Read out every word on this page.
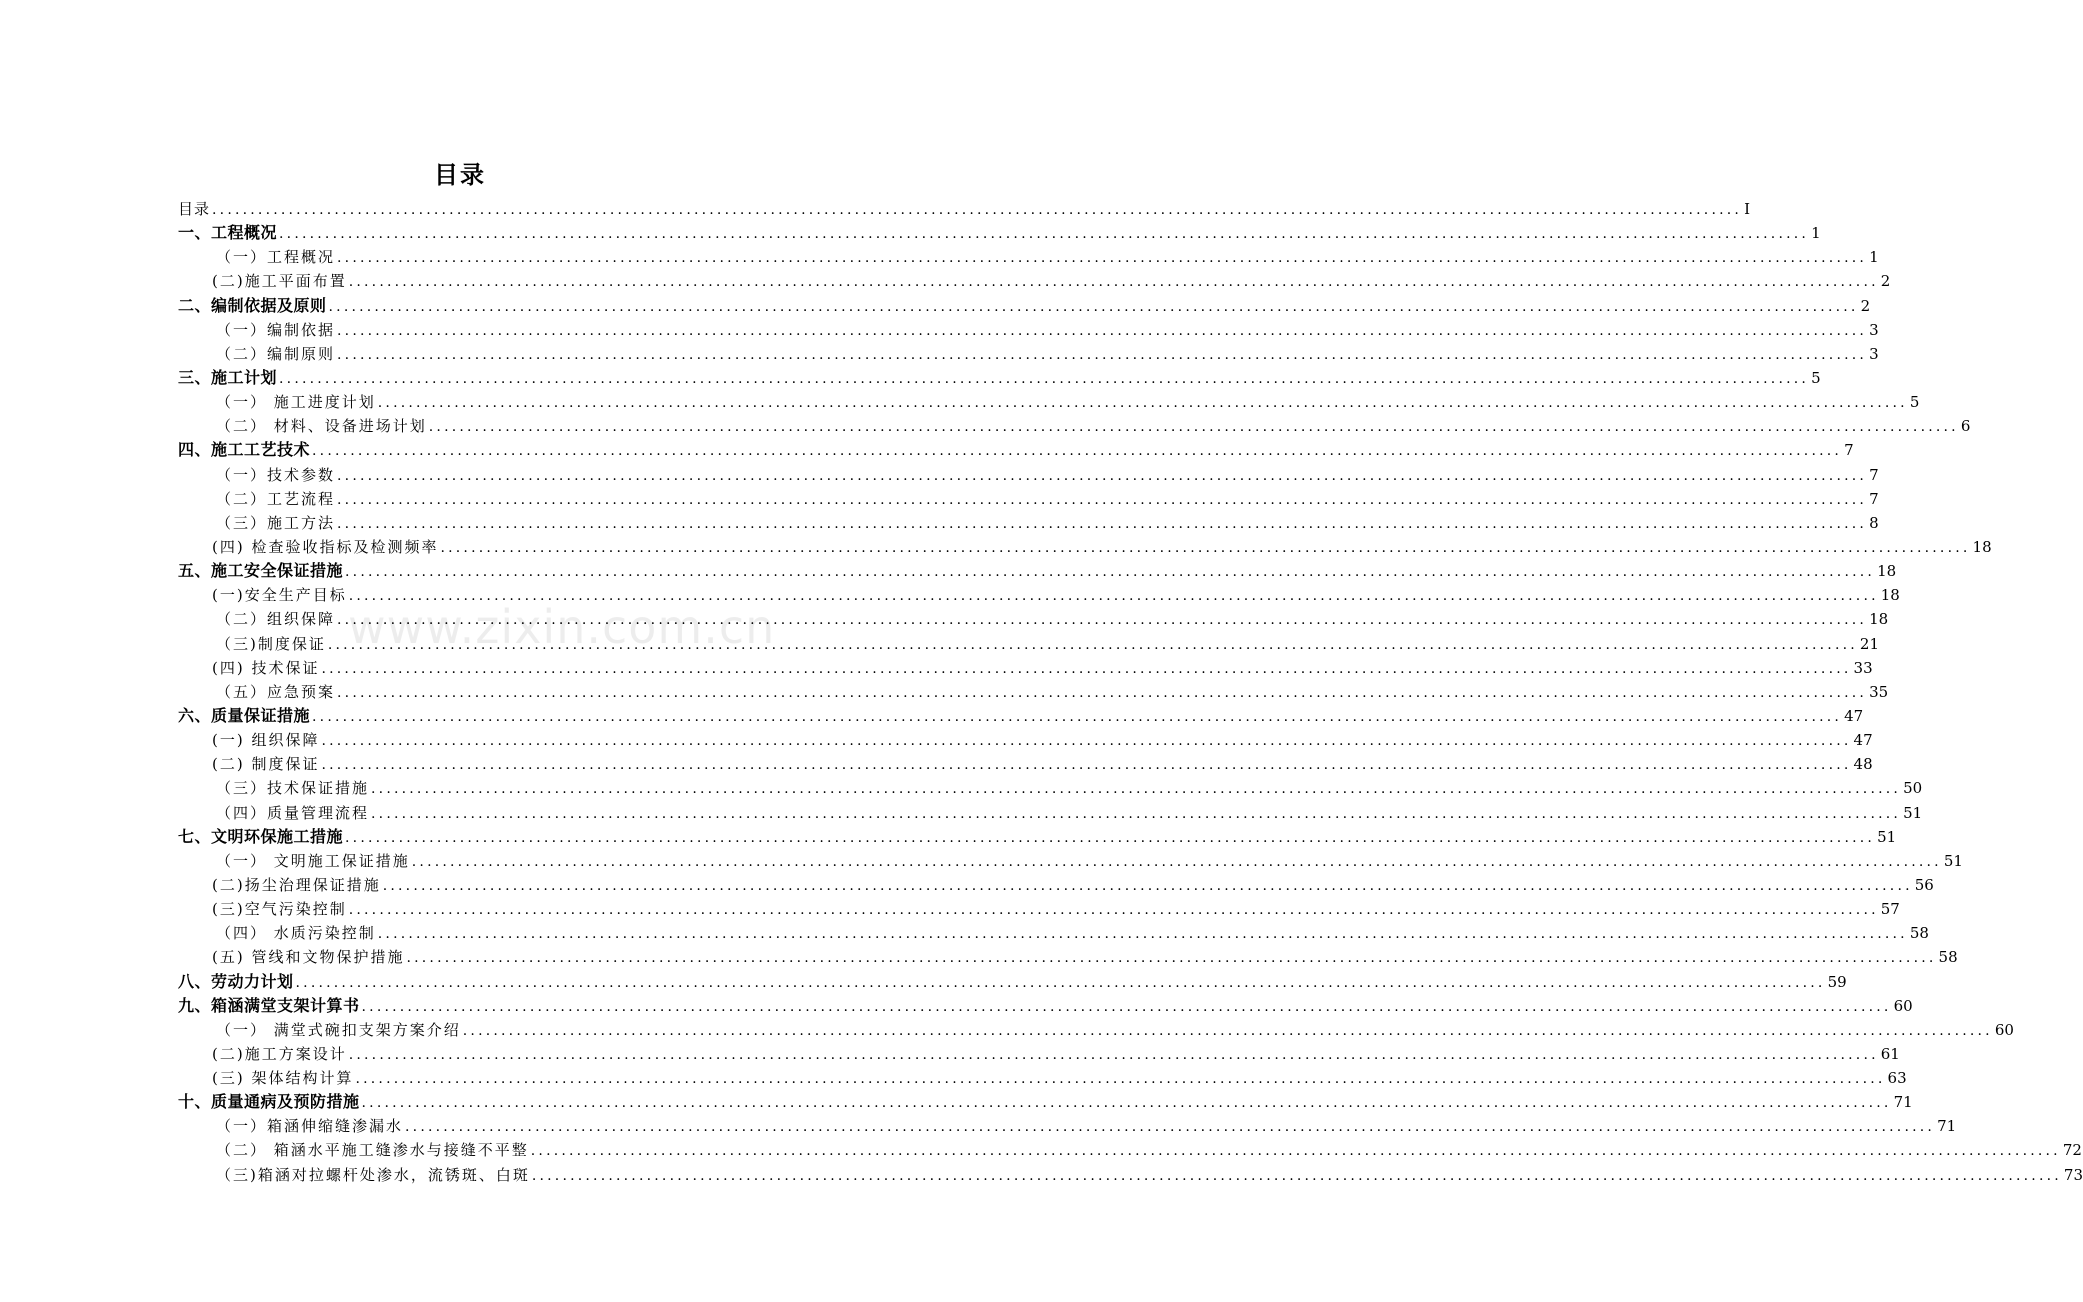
www.zixin.com.cn
目录
目录 ........................................................................................................................................................................................................ I
一、工程概况 ........................................................................................................................................................................................................ 1
（一）工程概况 ........................................................................................................................................................................................................ 1
(二)施工平面布置 ........................................................................................................................................................................................................ 2
二、编制依据及原则 ........................................................................................................................................................................................................ 2
（一）编制依据 ........................................................................................................................................................................................................ 3
（二）编制原则 ........................................................................................................................................................................................................ 3
三、施工计划 ........................................................................................................................................................................................................ 5
（一） 施工进度计划 ........................................................................................................................................................................................................ 5
（二） 材料、设备进场计划 ........................................................................................................................................................................................................ 6
四、施工工艺技术 ........................................................................................................................................................................................................ 7
（一）技术参数 ........................................................................................................................................................................................................ 7
（二）工艺流程 ........................................................................................................................................................................................................ 7
（三）施工方法 ........................................................................................................................................................................................................ 8
(四) 检查验收指标及检测频率 ........................................................................................................................................................................................................ 18
五、施工安全保证措施 ........................................................................................................................................................................................................ 18
(一)安全生产目标 ........................................................................................................................................................................................................ 18
（二）组织保障 ........................................................................................................................................................................................................ 18
（三)制度保证 ........................................................................................................................................................................................................ 21
(四) 技术保证 ........................................................................................................................................................................................................ 33
（五）应急预案 ........................................................................................................................................................................................................ 35
六、质量保证措施 ........................................................................................................................................................................................................ 47
(一) 组织保障 ........................................................................................................................................................................................................ 47
(二) 制度保证 ........................................................................................................................................................................................................ 48
（三）技术保证措施 ........................................................................................................................................................................................................ 50
（四）质量管理流程 ........................................................................................................................................................................................................ 51
七、文明环保施工措施 ........................................................................................................................................................................................................ 51
（一） 文明施工保证措施 ........................................................................................................................................................................................................ 51
(二)扬尘治理保证措施 ........................................................................................................................................................................................................ 56
(三)空气污染控制 ........................................................................................................................................................................................................ 57
（四） 水质污染控制 ........................................................................................................................................................................................................ 58
(五) 管线和文物保护措施 ........................................................................................................................................................................................................ 58
八、劳动力计划 ........................................................................................................................................................................................................ 59
九、箱涵满堂支架计算书 ........................................................................................................................................................................................................ 60
（一） 满堂式碗扣支架方案介绍 ........................................................................................................................................................................................................ 60
(二)施工方案设计 ........................................................................................................................................................................................................ 61
(三) 架体结构计算 ........................................................................................................................................................................................................ 63
十、质量通病及预防措施 ........................................................................................................................................................................................................ 71
（一）箱涵伸缩缝渗漏水 ........................................................................................................................................................................................................ 71
（二） 箱涵水平施工缝渗水与接缝不平整 ........................................................................................................................................................................................................ 72
（三)箱涵对拉螺杆处渗水，流锈斑、白斑 ........................................................................................................................................................................................................ 73
